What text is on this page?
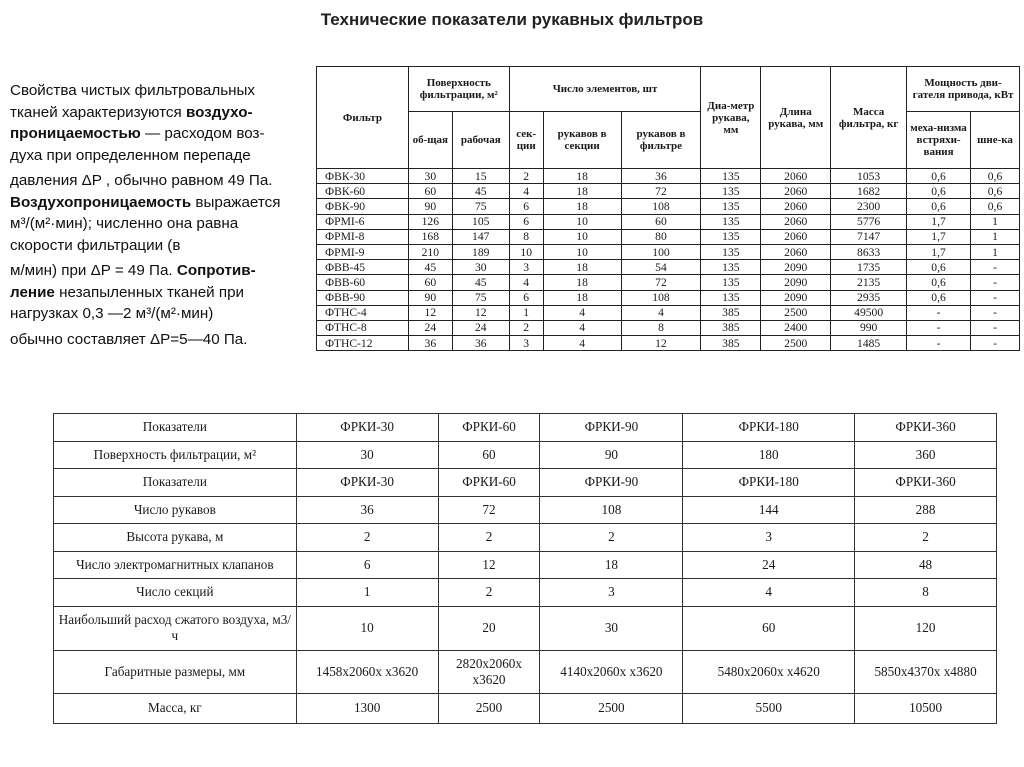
Технические показатели рукавных фильтров

Свойства чистых фильтровальных тканей характеризуются воздухо-проницаемостью — расходом воз-духа при определенном перепаде

давления ΔP , обычно равном 49 Па. Воздухопроницаемость выражается м³/(м²·мин); численно она равна скорости фильтрации (в

м/мин) при ΔP = 49 Па. Сопротив-ление незапыленных тканей при нагрузках 0,3 —2 м³/(м²·мин)

обычно составляет ΔP=5—40 Па.

Фильтр	Поверхность фильтрации, м²		Число элементов, шт			Диа-метр рукава, мм	Длина рукава, мм	Масса фильтра, кг	Мощность дви-гателя привода, кВт	
	об-щая	рабочая	сек-ции	рукавов в секции	рукавов в фильтре				меха-низма встряхи-вания	шне-ка
ФВК-30	30	15	2	18	36	135	2060	1053	0,6	0,6
ФВК-60	60	45	4	18	72	135	2060	1682	0,6	0,6
ФВК-90	90	75	6	18	108	135	2060	2300	0,6	0,6
ФРМІ-6	126	105	6	10	60	135	2060	5776	1,7	1
ФРМІ-8	168	147	8	10	80	135	2060	7147	1,7	1
ФРМІ-9	210	189	10	10	100	135	2060	8633	1,7	1
ФВВ-45	45	30	3	18	54	135	2090	1735	0,6	-
ФВВ-60	60	45	4	18	72	135	2090	2135	0,6	-
ФВВ-90	90	75	6	18	108	135	2090	2935	0,6	-
ФТНС-4	12	12	1	4	4	385	2500	49500	-	-
ФТНС-8	24	24	2	4	8	385	2400	990	-	-
ФТНС-12	36	36	3	4	12	385	2500	1485	-	-
Показатели	ФРКИ-30	ФРКИ-60	ФРКИ-90	ФРКИ-180	ФРКИ-360
Поверхность фильтрации, м²	30	60	90	180	360
Показатели	ФРКИ-30	ФРКИ-60	ФРКИ-90	ФРКИ-180	ФРКИ-360
Число рукавов	36	72	108	144	288
Высота рукава, м	2	2	2	3	2
Число электромагнитных клапанов	6	12	18	24	48
Число секций	1	2	3	4	8
Наибольший расход сжатого воздуха, м3/ч	10	20	30	60	120
Габаритные размеры, мм	1458х2060х х3620	2820х2060х х3620	4140х2060х х3620	5480х2060х х4620	5850х4370х х4880
Масса, кг	1300	2500	2500	5500	10500
